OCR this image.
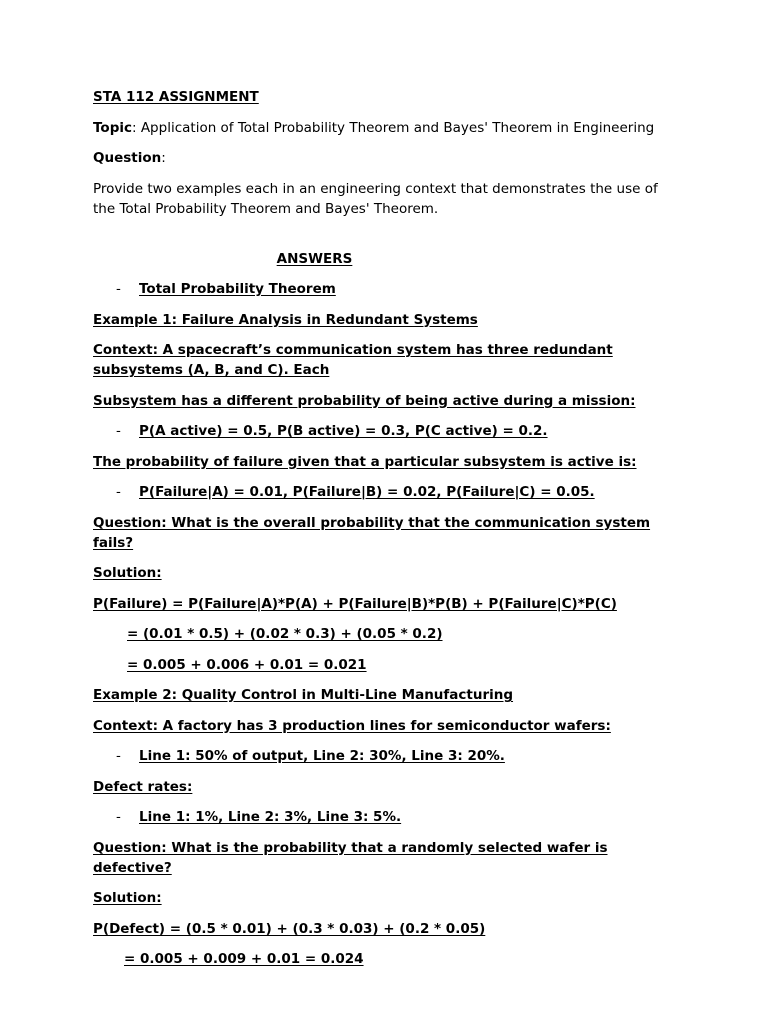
STA 112 ASSIGNMENT

Topic: Application of Total Probability Theorem and Bayes' Theorem in Engineering

Question:

Provide two examples each in an engineering context that demonstrates the use of the Total Probability Theorem and Bayes' Theorem.

ANSWERS

- Total Probability Theorem

Example 1: Failure Analysis in Redundant Systems

Context: A spacecraft’s communication system has three redundant subsystems (A, B, and C). Each

Subsystem has a different probability of being active during a mission:

- P(A active) = 0.5, P(B active) = 0.3, P(C active) = 0.2.

The probability of failure given that a particular subsystem is active is:

- P(Failure|A) = 0.01, P(Failure|B) = 0.02, P(Failure|C) = 0.05.

Question: What is the overall probability that the communication system fails?

Solution:

P(Failure) = P(Failure|A)*P(A) + P(Failure|B)*P(B) + P(Failure|C)*P(C)

= (0.01 * 0.5) + (0.02 * 0.3) + (0.05 * 0.2)

= 0.005 + 0.006 + 0.01 = 0.021

Example 2: Quality Control in Multi-Line Manufacturing

Context: A factory has 3 production lines for semiconductor wafers:

- Line 1: 50% of output, Line 2: 30%, Line 3: 20%.

Defect rates:

- Line 1: 1%, Line 2: 3%, Line 3: 5%.

Question: What is the probability that a randomly selected wafer is defective?

Solution:

P(Defect) = (0.5 * 0.01) + (0.3 * 0.03) + (0.2 * 0.05)

= 0.005 + 0.009 + 0.01 = 0.024
